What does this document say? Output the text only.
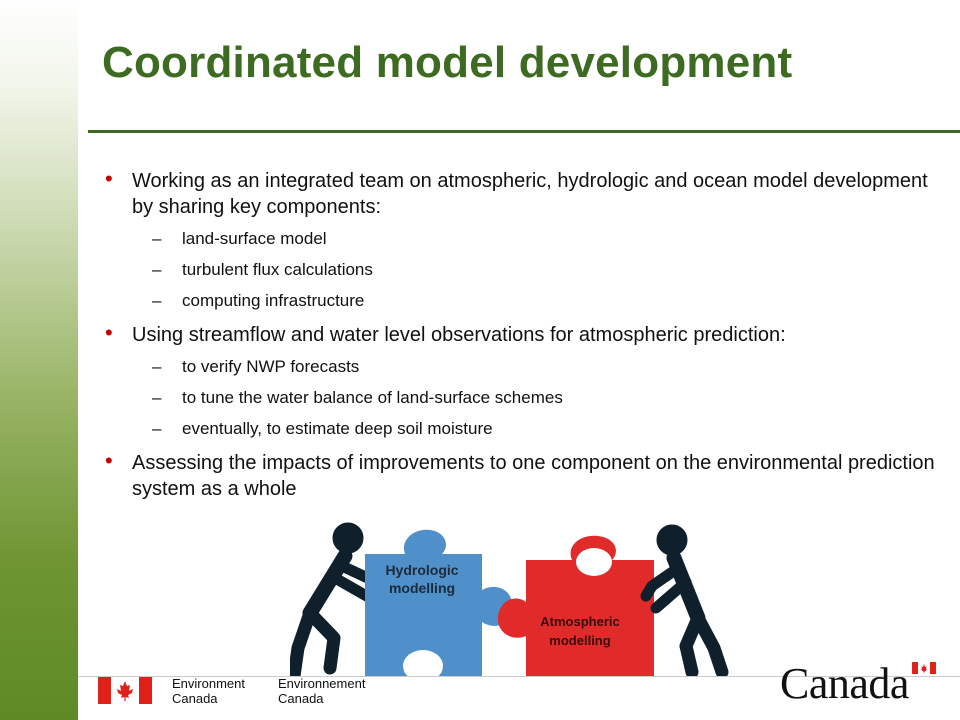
Coordinated model development
• Working as an integrated team on atmospheric, hydrologic and ocean model development by sharing key components:
– land-surface model
– turbulent flux calculations
– computing infrastructure
• Using streamflow and water level observations for atmospheric prediction:
– to verify NWP forecasts
– to tune the water balance of land-surface schemes
– eventually, to estimate deep soil moisture
• Assessing the impacts of improvements to one component on the environmental prediction system as a whole
Hydrologic
modelling
Atmospheric
modelling
Environment
Canada
Environnement
Canada	Canada
